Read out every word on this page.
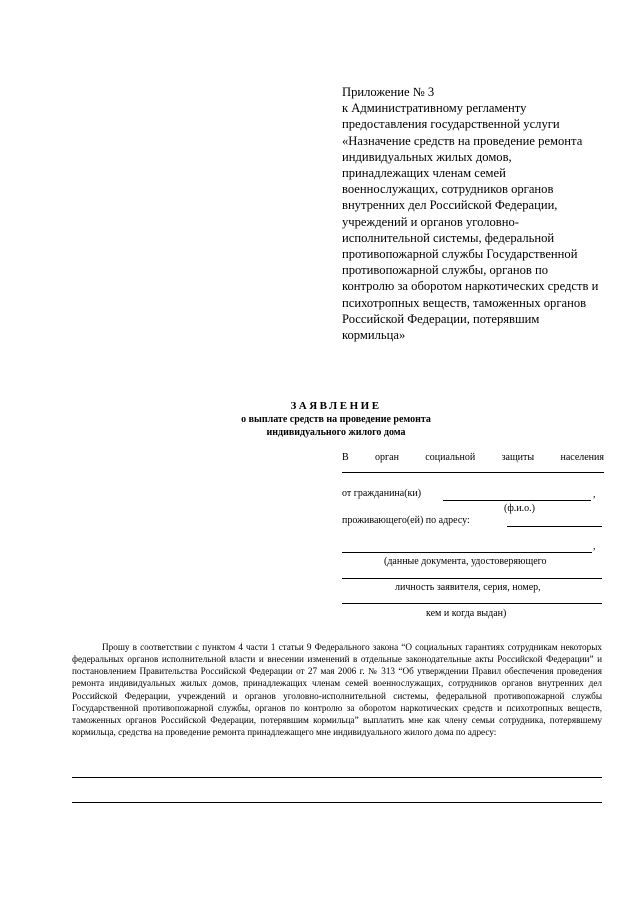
Приложение № 3
к Административному регламенту
предоставления государственной услуги
«Назначение средств на проведение ремонта
индивидуальных жилых домов,
принадлежащих членам семей
военнослужащих, сотрудников органов
внутренних дел Российской Федерации,
учреждений и органов уголовно-
исполнительной системы, федеральной
противопожарной службы Государственной
противопожарной службы, органов по
контролю за оборотом наркотических средств и
психотропных веществ, таможенных органов
Российской Федерации, потерявшим
кормильца»
ЗАЯВЛЕНИЕ
о выплате средств на проведение ремонта
индивидуального жилого дома
В	орган	социальной	защиты	населения
от гражданина(ки)	,
(ф.и.о.)
проживающего(ей) по адресу:
,
(данные документа, удостоверяющего
личность заявителя, серия, номер,
кем и когда выдан)

Прошу в соответствии с пунктом 4 части 1 статьи 9 Федерального закона “О социальных гарантиях сотрудникам некоторых федеральных органов исполнительной власти и внесении изменений в отдельные законодательные акты Российской Федерации” и постановлением Правительства Российской Федерации от 27 мая 2006 г. № 313 “Об утверждении Правил обеспечения проведения ремонта индивидуальных жилых домов, принадлежащих членам семей военнослужащих, сотрудников органов внутренних дел Российской Федерации, учреждений и органов уголовно-исполнительной системы, федеральной противопожарной службы Государственной противопожарной службы, органов по контролю за оборотом наркотических средств и психотропных веществ, таможенных органов Российской Федерации, потерявшим кормильца” выплатить мне как члену семьи сотрудника, потерявшему кормильца, средства на проведение ремонта принадлежащего мне индивидуального жилого дома по адресу:
